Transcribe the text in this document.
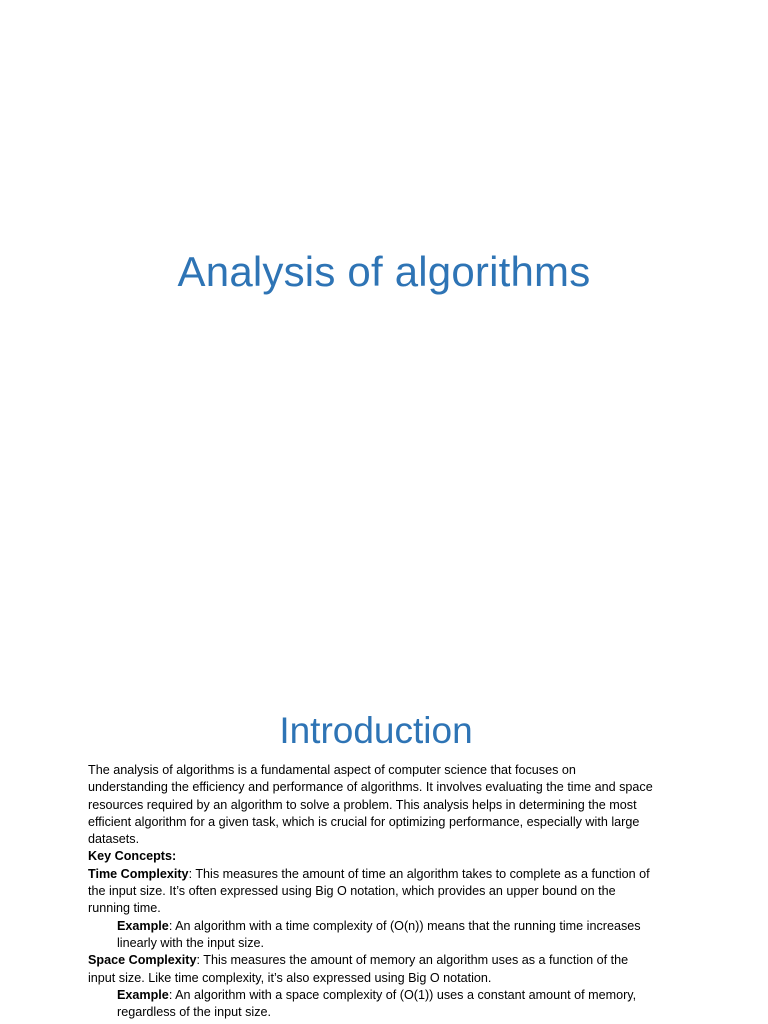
Analysis of algorithms
Introduction

The analysis of algorithms is a fundamental aspect of computer science that focuses on understanding the efficiency and performance of algorithms. It involves evaluating the time and space resources required by an algorithm to solve a problem. This analysis helps in determining the most efficient algorithm for a given task, which is crucial for optimizing performance, especially with large datasets.

Key Concepts:

Time Complexity: This measures the amount of time an algorithm takes to complete as a function of the input size. It’s often expressed using Big O notation, which provides an upper bound on the running time.

Example: An algorithm with a time complexity of (O(n)) means that the running time increases linearly with the input size.

Space Complexity: This measures the amount of memory an algorithm uses as a function of the input size. Like time complexity, it’s also expressed using Big O notation.

Example: An algorithm with a space complexity of (O(1)) uses a constant amount of memory, regardless of the input size.
